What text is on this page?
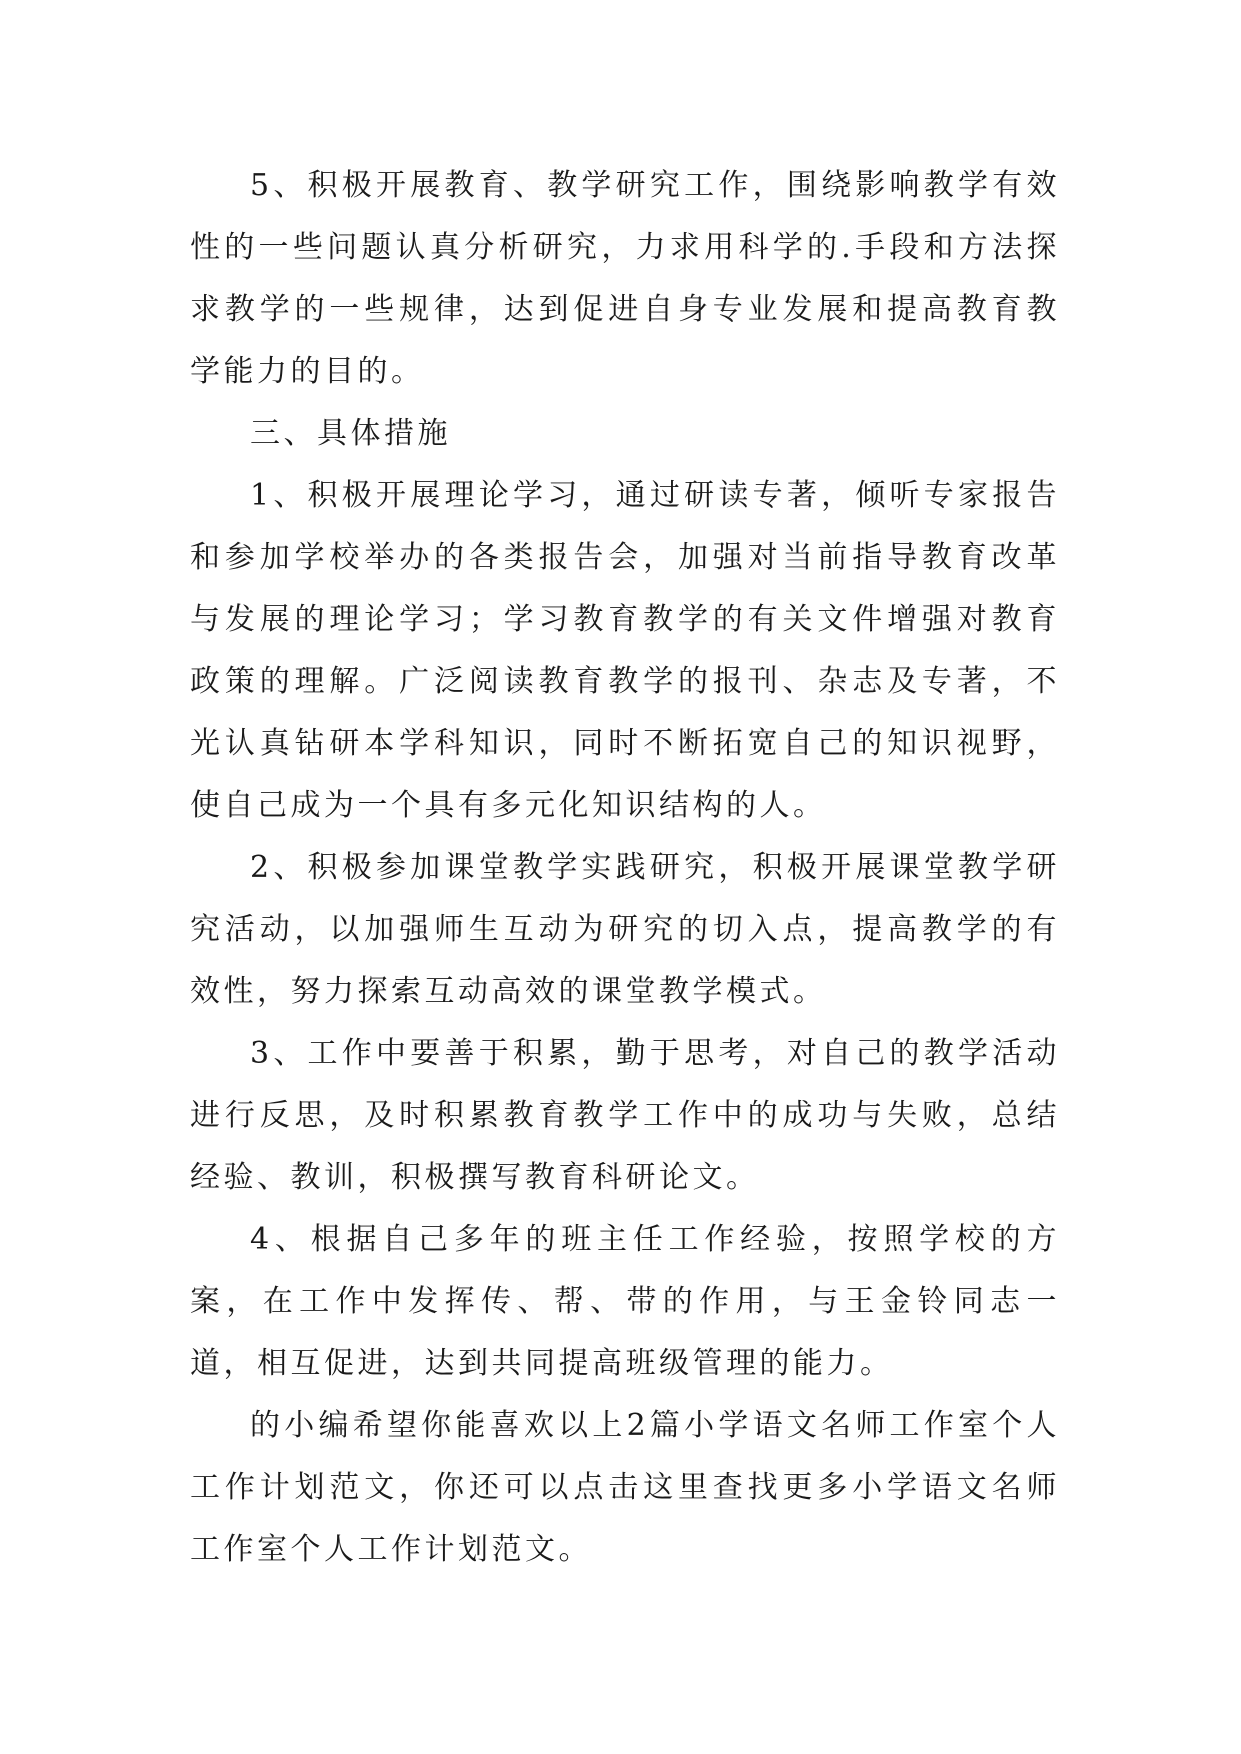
5、积极开展教育、教学研究工作，围绕影响教学有效性的一些问题认真分析研究，力求用科学的.手段和方法探求教学的一些规律，达到促进自身专业发展和提高教育教学能力的目的。

三、具体措施

1、积极开展理论学习，通过研读专著，倾听专家报告和参加学校举办的各类报告会，加强对当前指导教育改革与发展的理论学习；学习教育教学的有关文件增强对教育政策的理解。广泛阅读教育教学的报刊、杂志及专著，不光认真钻研本学科知识，同时不断拓宽自己的知识视野，使自己成为一个具有多元化知识结构的人。

2、积极参加课堂教学实践研究，积极开展课堂教学研究活动，以加强师生互动为研究的切入点，提高教学的有效性，努力探索互动高效的课堂教学模式。

3、工作中要善于积累，勤于思考，对自己的教学活动进行反思，及时积累教育教学工作中的成功与失败，总结经验、教训，积极撰写教育科研论文。

4、根据自己多年的班主任工作经验，按照学校的方案，在工作中发挥传、帮、带的作用，与王金铃同志一道，相互促进，达到共同提高班级管理的能力。

的小编希望你能喜欢以上2篇小学语文名师工作室个人工作计划范文，你还可以点击这里查找更多小学语文名师工作室个人工作计划范文。
